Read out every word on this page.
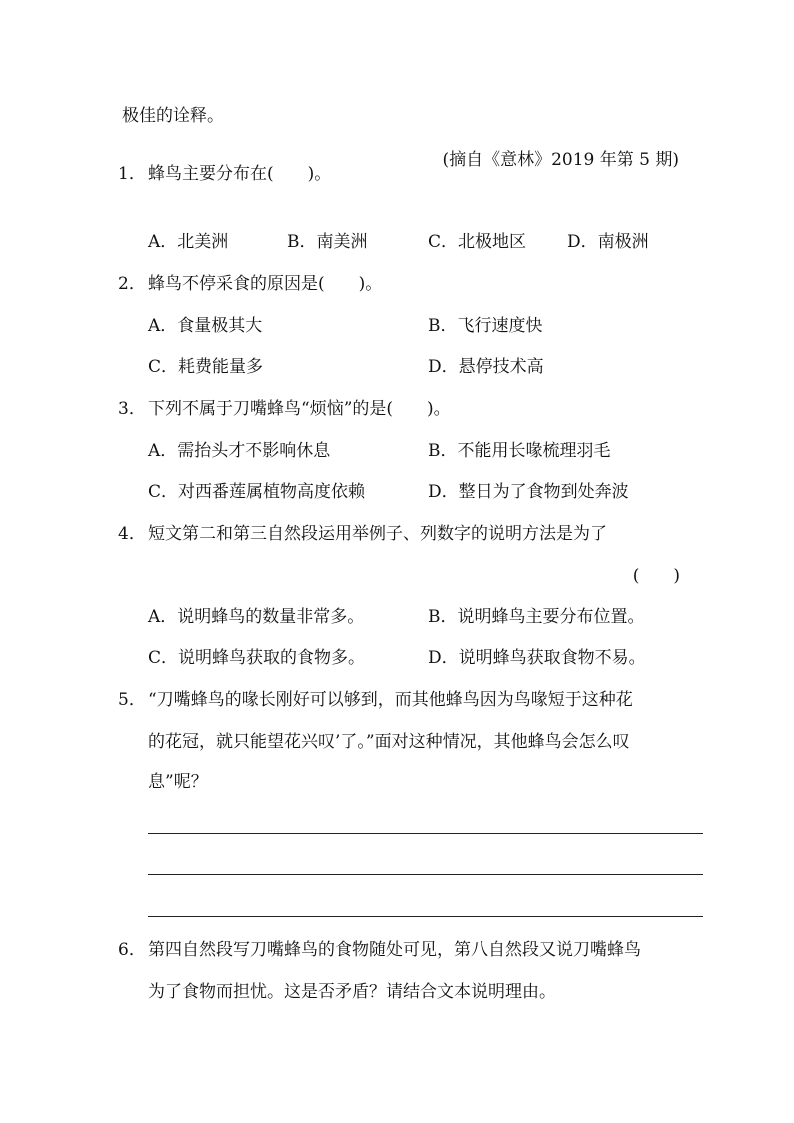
极佳的诠释。
(摘自《意林》2019 年第 5 期)
1． 蜂鸟主要分布在(　　)。
A．北美洲	B．南美洲	C．北极地区 D．南极洲
2． 蜂鸟不停采食的原因是(　　)。
A．食量极其大	B．飞行速度快
C．耗费能量多	D．悬停技术高
3． 下列不属于刀嘴蜂鸟“烦恼”的是(　　)。
A．需抬头才不影响休息	B．不能用长喙梳理羽毛
C．对西番莲属植物高度依赖	D．整日为了食物到处奔波
4． 短文第二和第三自然段运用举例子、列数字的说明方法是为了
(　　)
A．说明蜂鸟的数量非常多。	B．说明蜂鸟主要分布位置。
C．说明蜂鸟获取的食物多。	D．说明蜂鸟获取食物不易。
5． “刀嘴蜂鸟的喙长刚好可以够到，而其他蜂鸟因为鸟喙短于这种花
的花冠，就只能望花兴叹’了。”面对这种情况，其他蜂鸟会怎么叹
息”呢？
6． 第四自然段写刀嘴蜂鸟的食物随处可见，第八自然段又说刀嘴蜂鸟
为了食物而担忧。这是否矛盾？请结合文本说明理由。
